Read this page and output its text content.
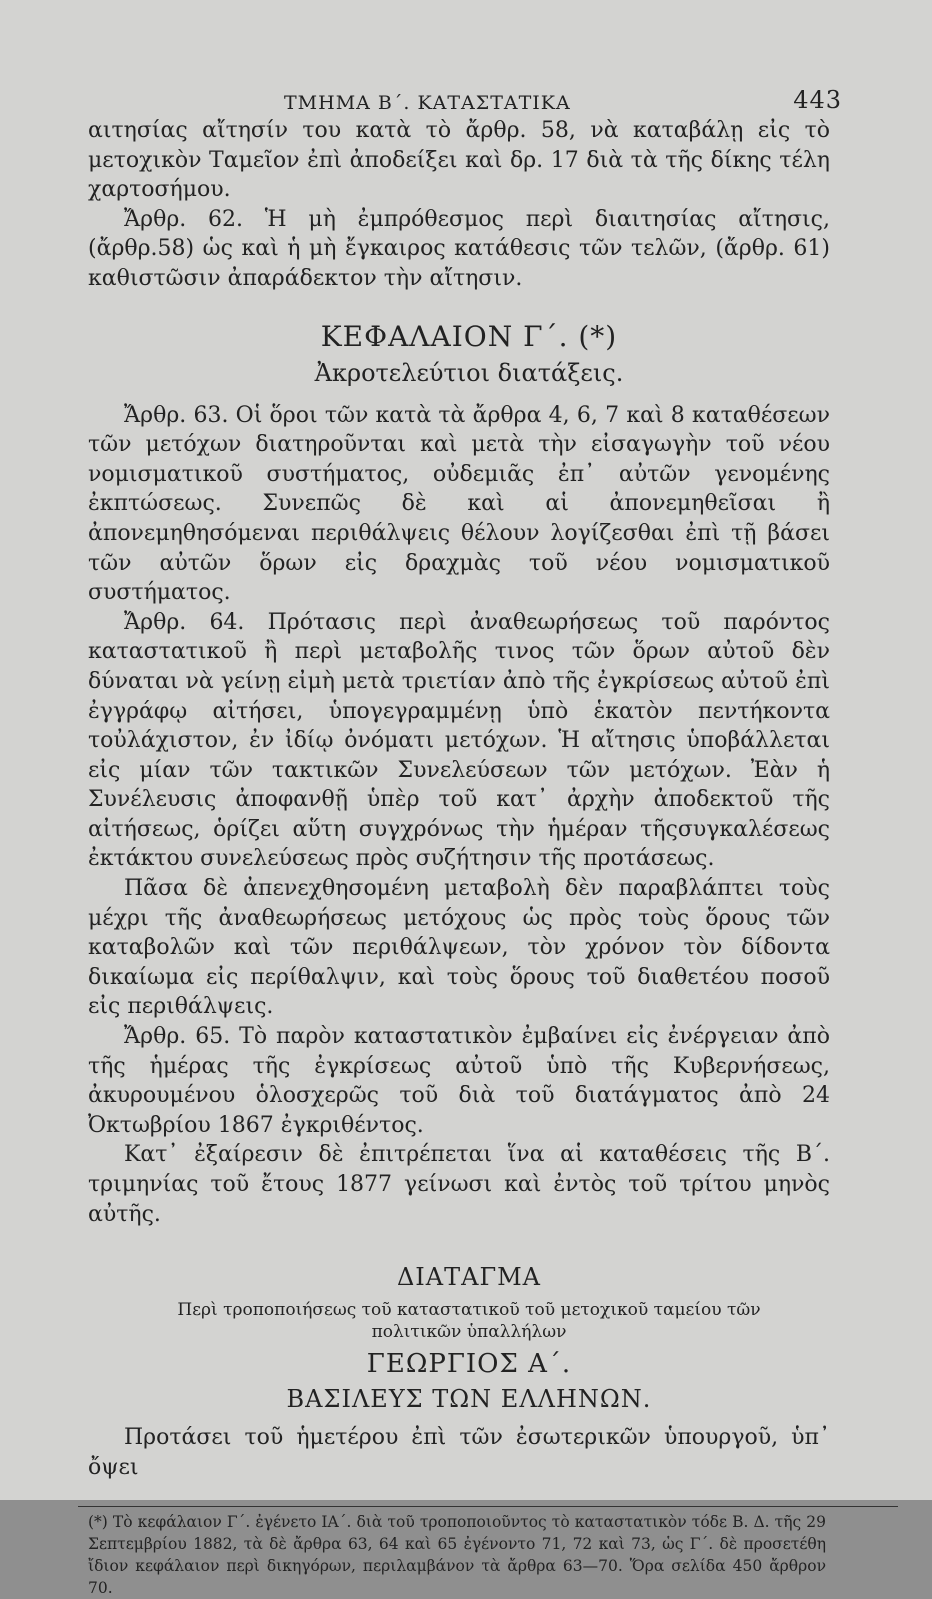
ΤΜΗΜΑ Β΄. ΚΑΤΑΣΤΑΤΙΚΑ	443

αιτησίας αἴτησίν του κατὰ τὸ ἄρθρ. 58, νὰ καταβάλῃ εἰς τὸ μετοχικὸν Ταμεῖον ἐπὶ ἀποδείξει καὶ δρ. 17 διὰ τὰ τῆς δίκης τέλη χαρτοσήμου.

Ἄρθρ. 62. Ἡ μὴ ἐμπρόθεσμος περὶ διαιτησίας αἴτησις, (ἄρθρ.58) ὡς καὶ ἡ μὴ ἔγκαιρος κατάθεσις τῶν τελῶν, (ἄρθρ. 61) καθιστῶσιν ἀπαράδεκτον τὴν αἴτησιν.

ΚΕΦΑΛΑΙΟΝ Γ΄. (*)
Ἀκροτελεύτιοι διατάξεις.

Ἄρθρ. 63. Οἱ ὅροι τῶν κατὰ τὰ ἄρθρα 4, 6, 7 καὶ 8 καταθέσεων τῶν μετόχων διατηροῦνται καὶ μετὰ τὴν εἰσαγωγὴν τοῦ νέου νομισματικοῦ συστήματος, οὐδεμιᾶς ἐπ᾽ αὐτῶν γενομένης ἐκπτώσεως. Συνεπῶς δὲ καὶ αἱ ἀπονεμηθεῖσαι ἢ ἀπονεμηθησόμεναι περιθάλψεις θέλουν λογίζεσθαι ἐπὶ τῇ βάσει τῶν αὐτῶν ὅρων εἰς δραχμὰς τοῦ νέου νομισματικοῦ συστήματος.

Ἄρθρ. 64. Πρότασις περὶ ἀναθεωρήσεως τοῦ παρόντος καταστατικοῦ ἢ περὶ μεταβολῆς τινος τῶν ὅρων αὐτοῦ δὲν δύναται νὰ γείνῃ εἰμὴ μετὰ τριετίαν ἀπὸ τῆς ἐγκρίσεως αὐτοῦ ἐπὶ ἐγγράφῳ αἰτήσει, ὑπογεγραμμένῃ ὑπὸ ἑκατὸν πεντήκοντα τοὐλάχιστον, ἐν ἰδίῳ ὀνόματι μετόχων. Ἡ αἴτησις ὑποβάλλεται εἰς μίαν τῶν τακτικῶν Συνελεύσεων τῶν μετόχων. Ἐὰν ἡ Συνέλευσις ἀποφανθῇ ὑπὲρ τοῦ κατ᾽ ἀρχὴν ἀποδεκτοῦ τῆς αἰτήσεως, ὁρίζει αὕτη συγχρόνως τὴν ἡμέραν τῆςσυγκαλέσεως ἐκτάκτου συνελεύσεως πρὸς συζήτησιν τῆς προτάσεως.

Πᾶσα δὲ ἀπενεχθησομένη μεταβολὴ δὲν παραβλάπτει τοὺς μέχρι τῆς ἀναθεωρήσεως μετόχους ὡς πρὸς τοὺς ὅρους τῶν καταβολῶν καὶ τῶν περιθάλψεων, τὸν χρόνον τὸν δίδοντα δικαίωμα εἰς περίθαλψιν, καὶ τοὺς ὅρους τοῦ διαθετέου ποσοῦ εἰς περιθάλψεις.

Ἄρθρ. 65. Τὸ παρὸν καταστατικὸν ἐμβαίνει εἰς ἐνέργειαν ἀπὸ τῆς ἡμέρας τῆς ἐγκρίσεως αὐτοῦ ὑπὸ τῆς Κυβερνήσεως, ἀκυρουμένου ὁλοσχερῶς τοῦ διὰ τοῦ διατάγματος ἀπὸ 24 Ὀκτωβρίου 1867 ἐγκριθέντος.

Κατ᾽ ἐξαίρεσιν δὲ ἐπιτρέπεται ἵνα αἱ καταθέσεις τῆς Β΄. τριμηνίας τοῦ ἔτους 1877 γείνωσι καὶ ἐντὸς τοῦ τρίτου μηνὸς αὐτῆς.

ΔΙΑΤΑΓΜΑ
Περὶ τροποποιήσεως τοῦ καταστατικοῦ τοῦ μετοχικοῦ ταμείου τῶν πολιτικῶν ὑπαλλήλων
ΓΕΩΡΓΙΟΣ Α΄.
ΒΑΣΙΛΕΥΣ ΤΩΝ ΕΛΛΗΝΩΝ.

Προτάσει τοῦ ἡμετέρου ἐπὶ τῶν ἐσωτερικῶν ὑπουργοῦ, ὑπ᾽ ὄψει

(*) Τὸ κεφάλαιον Γ΄. ἐγένετο ΙΑ΄. διὰ τοῦ τροποποιοῦντος τὸ καταστατικὸν τόδε Β. Δ. τῆς 29 Σεπτεμβρίου 1882, τὰ δὲ ἄρθρα 63, 64 καὶ 65 ἐγένοντο 71, 72 καὶ 73, ὡς Γ΄. δὲ προσετέθη ἴδιον κεφάλαιον περὶ δικηγόρων, περιλαμβάνον τὰ ἄρθρα 63—70. Ὅρα σελίδα 450 ἄρθρον 70.
